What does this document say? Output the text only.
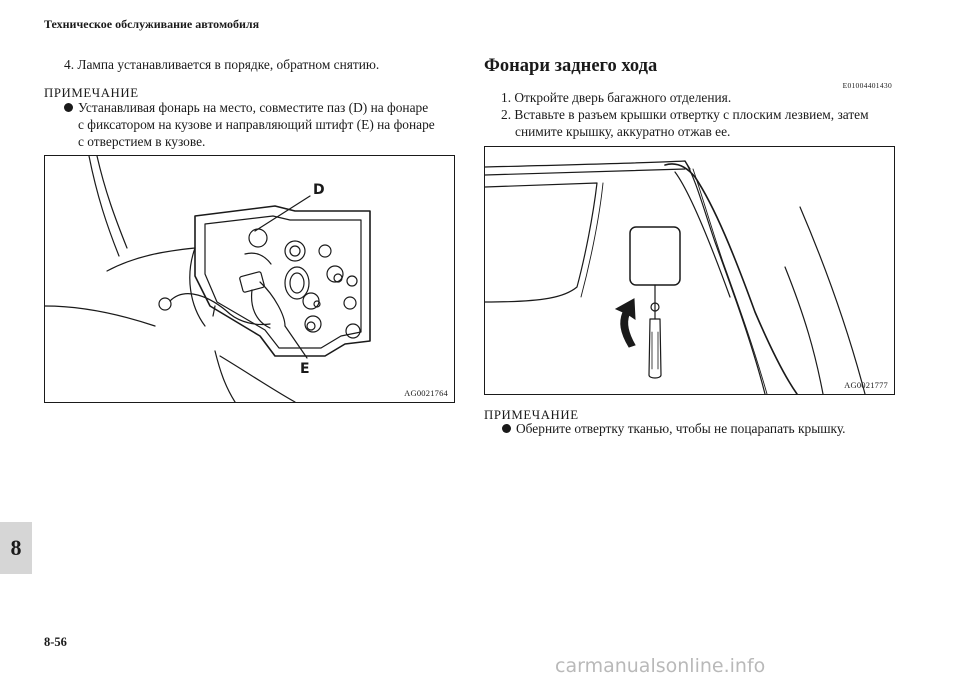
Техническое обслуживание автомобиля
4. Лампа устанавливается в порядке, обратном снятию.
ПРИМЕЧАНИЕ
Устанавливая фонарь на место, совместите паз (D) на фонаре
с фиксатором на кузове и направляющий штифт (E) на фонаре
с отверстием в кузове.
D
E
AG0021764
Фонари заднего хода
E01004401430
1. Откройте дверь багажного отделения.
2. Вставьте в разъем крышки отвертку с плоским лезвием, затем
снимите крышку, аккуратно отжав ее.
AG0021777
ПРИМЕЧАНИЕ
Оберните отвертку тканью, чтобы не поцарапать крышку.
8
8-56
carmanualsonline.info
